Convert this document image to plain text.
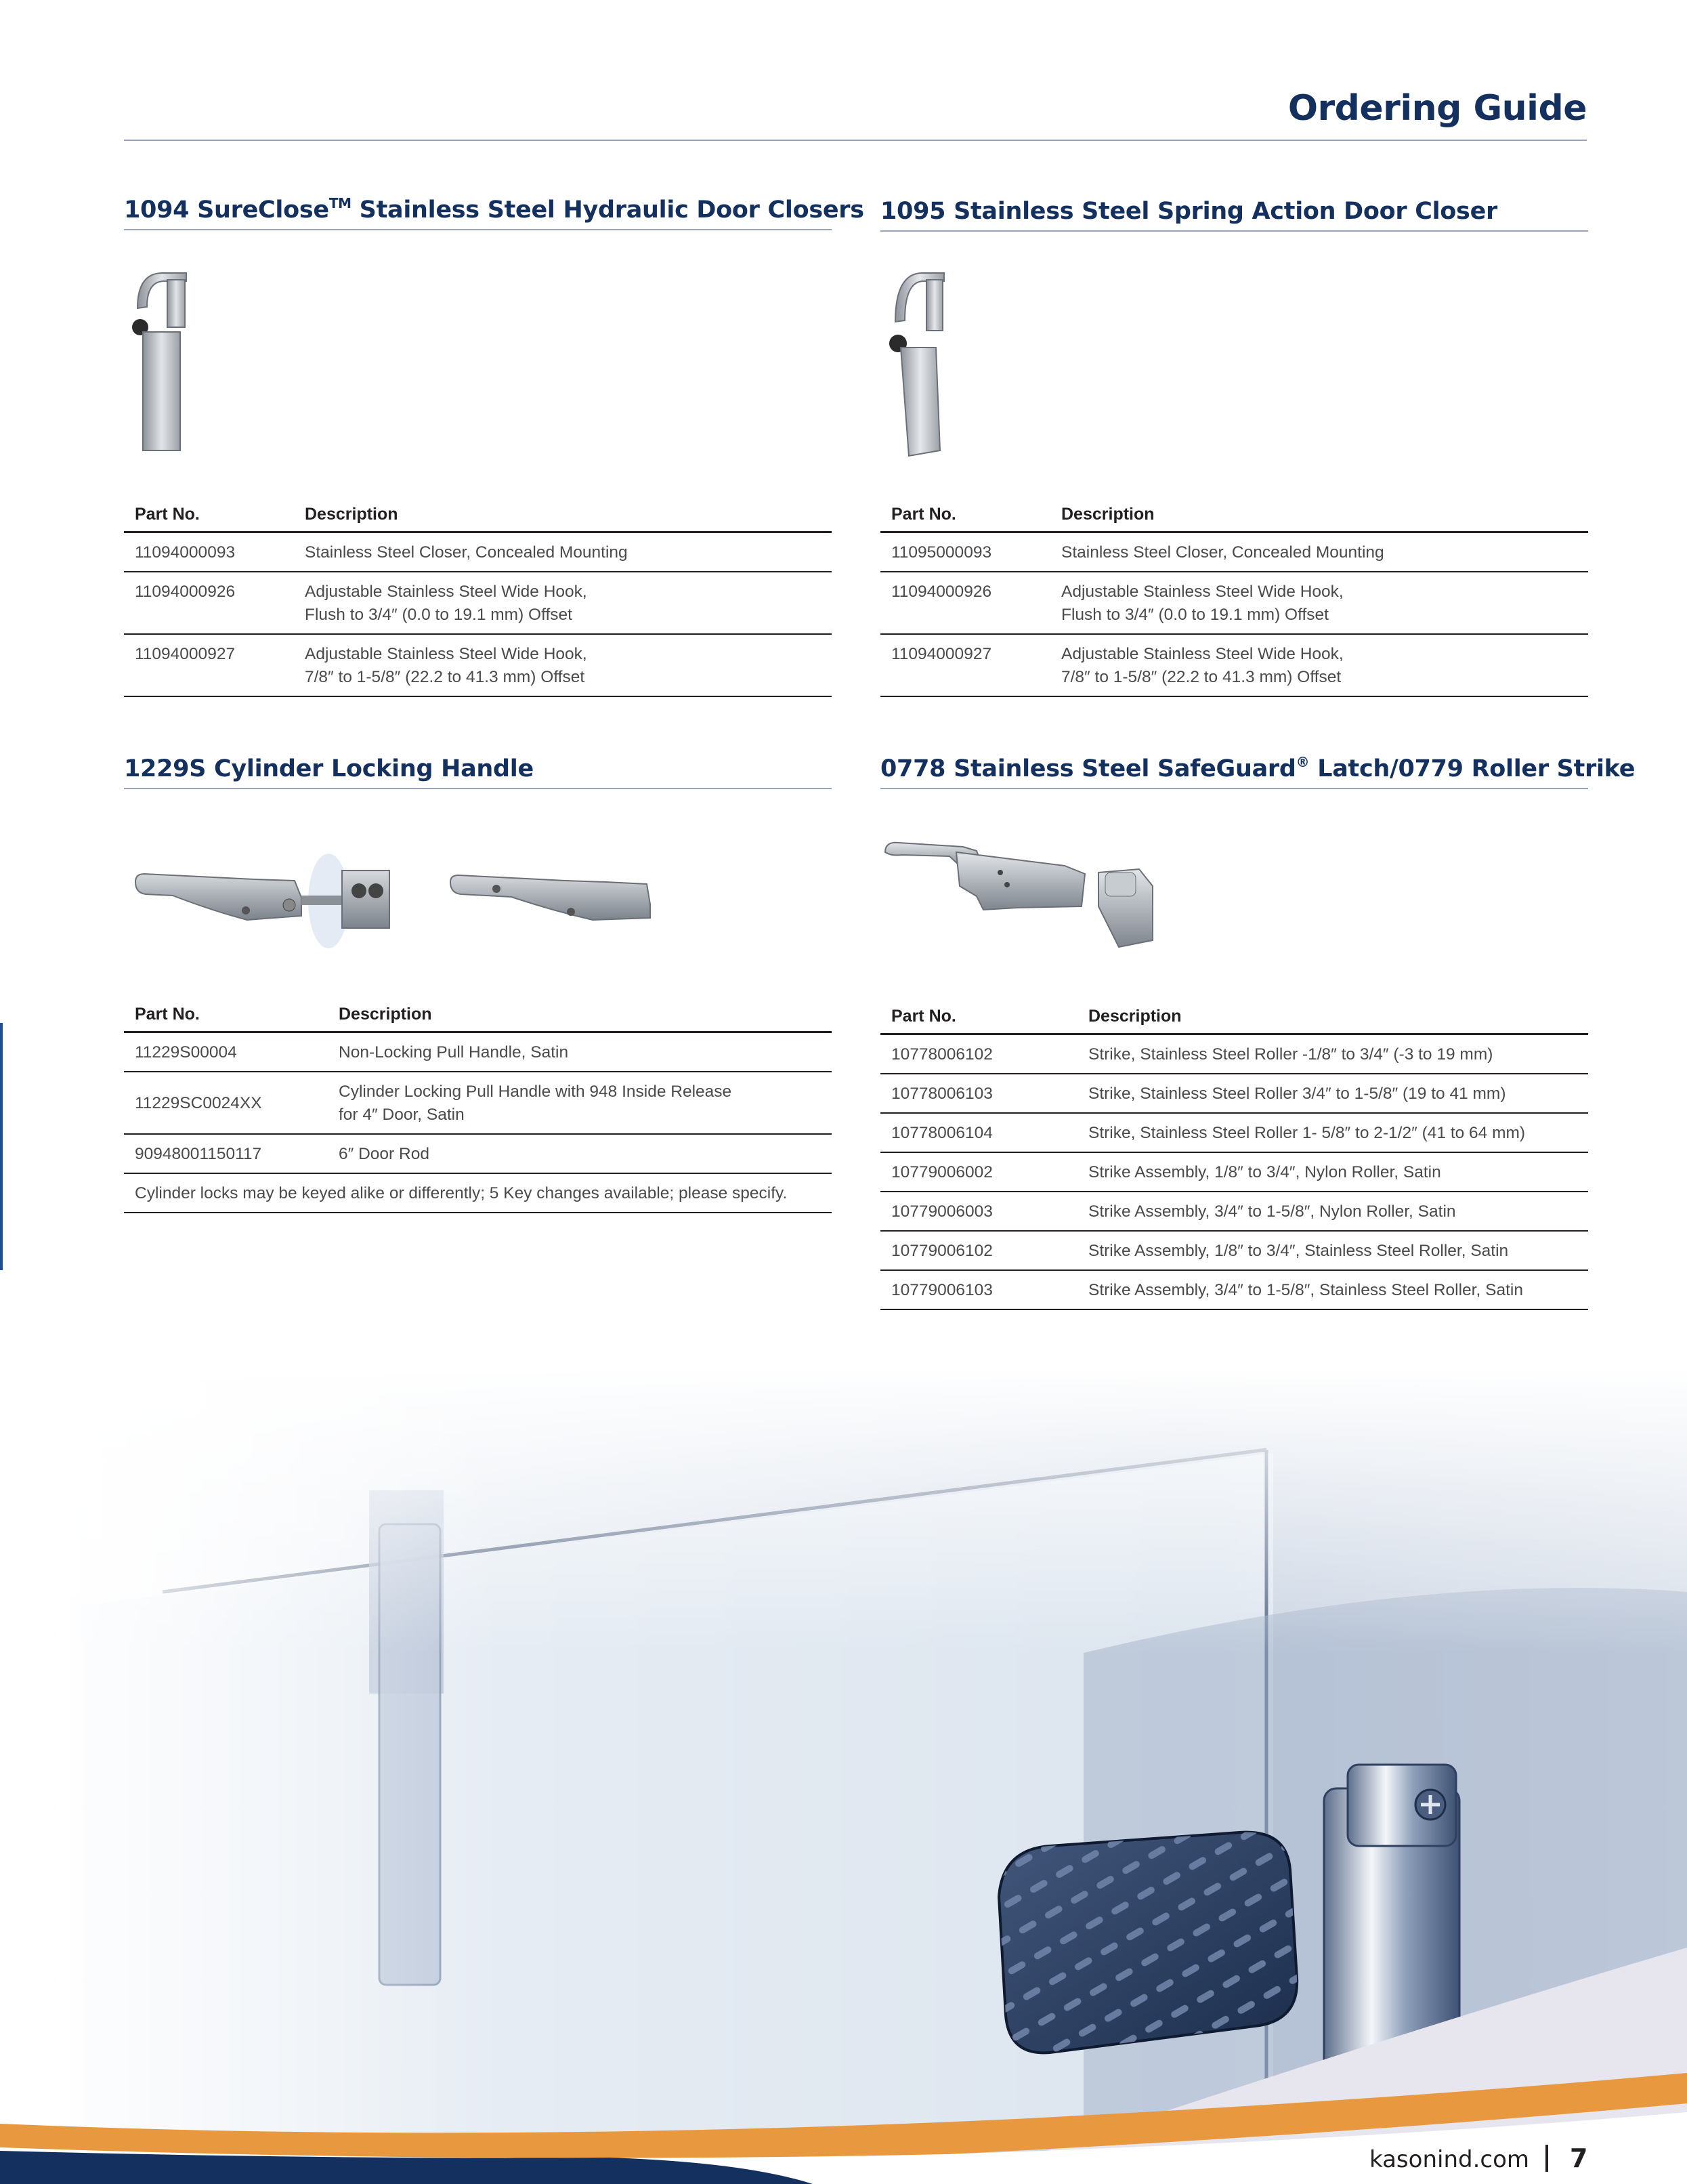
Ordering Guide
1094 SureClose™ Stainless Steel Hydraulic Door Closers
Part No.	Description
11094000093	Stainless Steel Closer, Concealed Mounting
11094000926	Adjustable Stainless Steel Wide Hook,
Flush to 3/4″ (0.0 to 19.1 mm) Offset
11094000927	Adjustable Stainless Steel Wide Hook,
7/8″ to 1-5/8″ (22.2 to 41.3 mm) Offset
1095 Stainless Steel Spring Action Door Closer
Part No.	Description
11095000093	Stainless Steel Closer, Concealed Mounting
11094000926	Adjustable Stainless Steel Wide Hook,
Flush to 3/4″ (0.0 to 19.1 mm) Offset
11094000927	Adjustable Stainless Steel Wide Hook,
7/8″ to 1-5/8″ (22.2 to 41.3 mm) Offset
1229S Cylinder Locking Handle
Part No.	Description
11229S00004	Non-Locking Pull Handle, Satin
11229SC0024XX	Cylinder Locking Pull Handle with 948 Inside Release
for 4″ Door, Satin
90948001150117	6″ Door Rod
Cylinder locks may be keyed alike or differently; 5 Key changes available; please specify.	
0778 Stainless Steel SafeGuard® Latch/0779 Roller Strike
Part No.	Description
10778006102	Strike, Stainless Steel Roller -1/8″ to 3/4″ (-3 to 19 mm)
10778006103	Strike, Stainless Steel Roller 3/4″ to 1-5/8″ (19 to 41 mm)
10778006104	Strike, Stainless Steel Roller 1- 5/8″ to 2-1/2″ (41 to 64 mm)
10779006002	Strike Assembly, 1/8″ to 3/4″, Nylon Roller, Satin
10779006003	Strike Assembly, 3/4″ to 1-5/8″, Nylon Roller, Satin
10779006102	Strike Assembly, 1/8″ to 3/4″, Stainless Steel Roller, Satin
10779006103	Strike Assembly, 3/4″ to 1-5/8″, Stainless Steel Roller, Satin

kasonind.com 7
